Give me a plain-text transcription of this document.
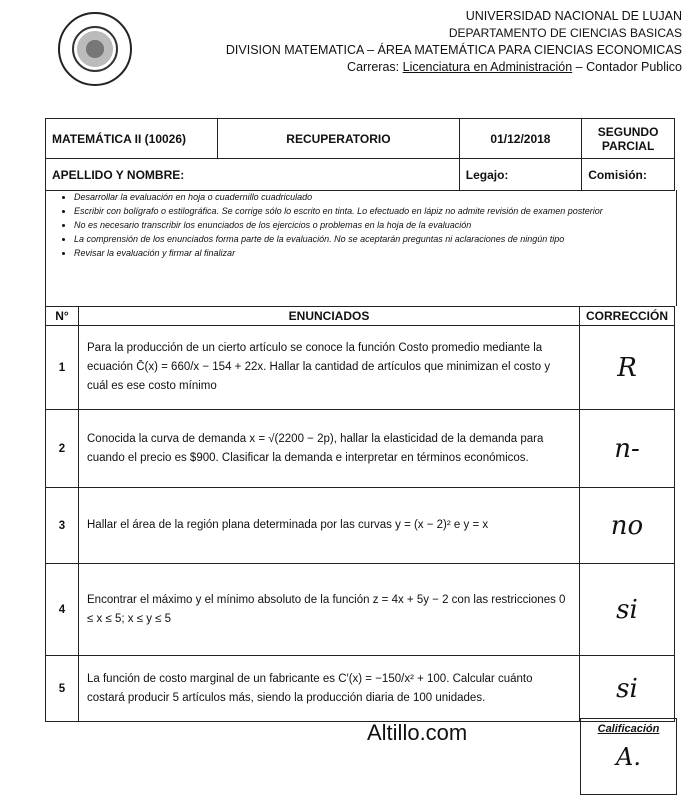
UNIVERSIDAD NACIONAL DE LUJAN
DEPARTAMENTO DE CIENCIAS BASICAS
DIVISION MATEMATICA – ÁREA MATEMÁTICA PARA CIENCIAS ECONOMICAS
Carreras: Licenciatura en Administración – Contador Publico
MATEMÁTICA II (10026)	RECUPERATORIO	01/12/2018	SEGUNDO PARCIAL
APELLIDO Y NOMBRE:		Legajo:	Comisión:
• Desarrollar la evaluación en hoja o cuadernillo cuadriculado
• Escribir con bolígrafo o estilográfica. Se corrige sólo lo escrito en tinta. Lo efectuado en lápiz no admite revisión de examen posterior
• No es necesario transcribir los enunciados de los ejercicios o problemas en la hoja de la evaluación
• La comprensión de los enunciados forma parte de la evaluación. No se aceptarán preguntas ni aclaraciones de ningún tipo
• Revisar la evaluación y firmar al finalizar
N°	ENUNCIADOS	CORRECCIÓN
1	Para la producción de un cierto artículo se conoce la función Costo promedio mediante la ecuación C̄(x) = 660/x − 154 + 22x. Hallar la cantidad de artículos que minimizan el costo y cuál es ese costo mínimo	R
2	Conocida la curva de demanda x = √(2200 − 2p), hallar la elasticidad de la demanda para cuando el precio es $900. Clasificar la demanda e interpretar en términos económicos.	n-
3	Hallar el área de la región plana determinada por las curvas y = (x − 2)² e y = x	no
4	Encontrar el máximo y el mínimo absoluto de la función z = 4x + 5y − 2 con las restricciones 0 ≤ x ≤ 5; x ≤ y ≤ 5	si
5	La función de costo marginal de un fabricante es C′(x) = −150/x² + 100. Calcular cuánto costará producir 5 artículos más, siendo la producción diaria de 100 unidades.	si
Altillo.com	Calificación
A.
